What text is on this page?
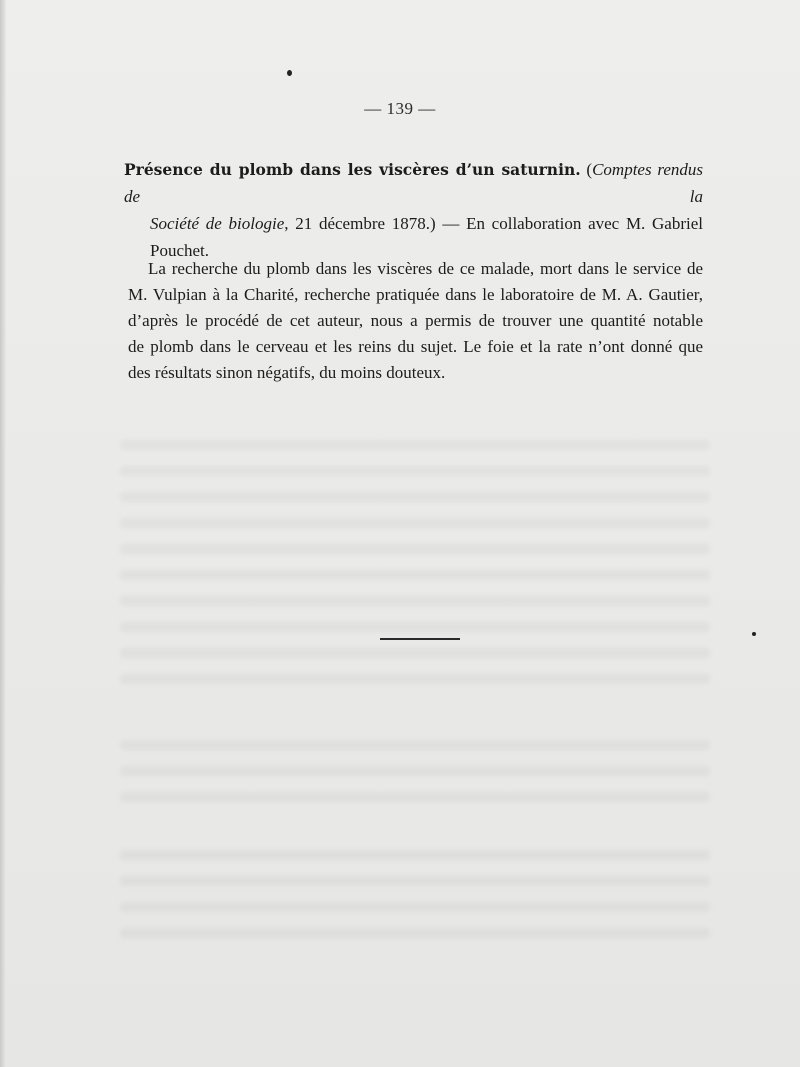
— 139 —
Présence du plomb dans les viscères d’un saturnin. (Comptes rendus de la
Société de biologie, 21 décembre 1878.) — En collaboration avec M. Gabriel
Pouchet.
La recherche du plomb dans les viscères de ce malade, mort dans le service de
M. Vulpian à la Charité, recherche pratiquée dans le laboratoire de M. A. Gautier,
d’après le procédé de cet auteur, nous a permis de trouver une quantité notable
de plomb dans le cerveau et les reins du sujet. Le foie et la rate n’ont donné que
des résultats sinon négatifs, du moins douteux.
